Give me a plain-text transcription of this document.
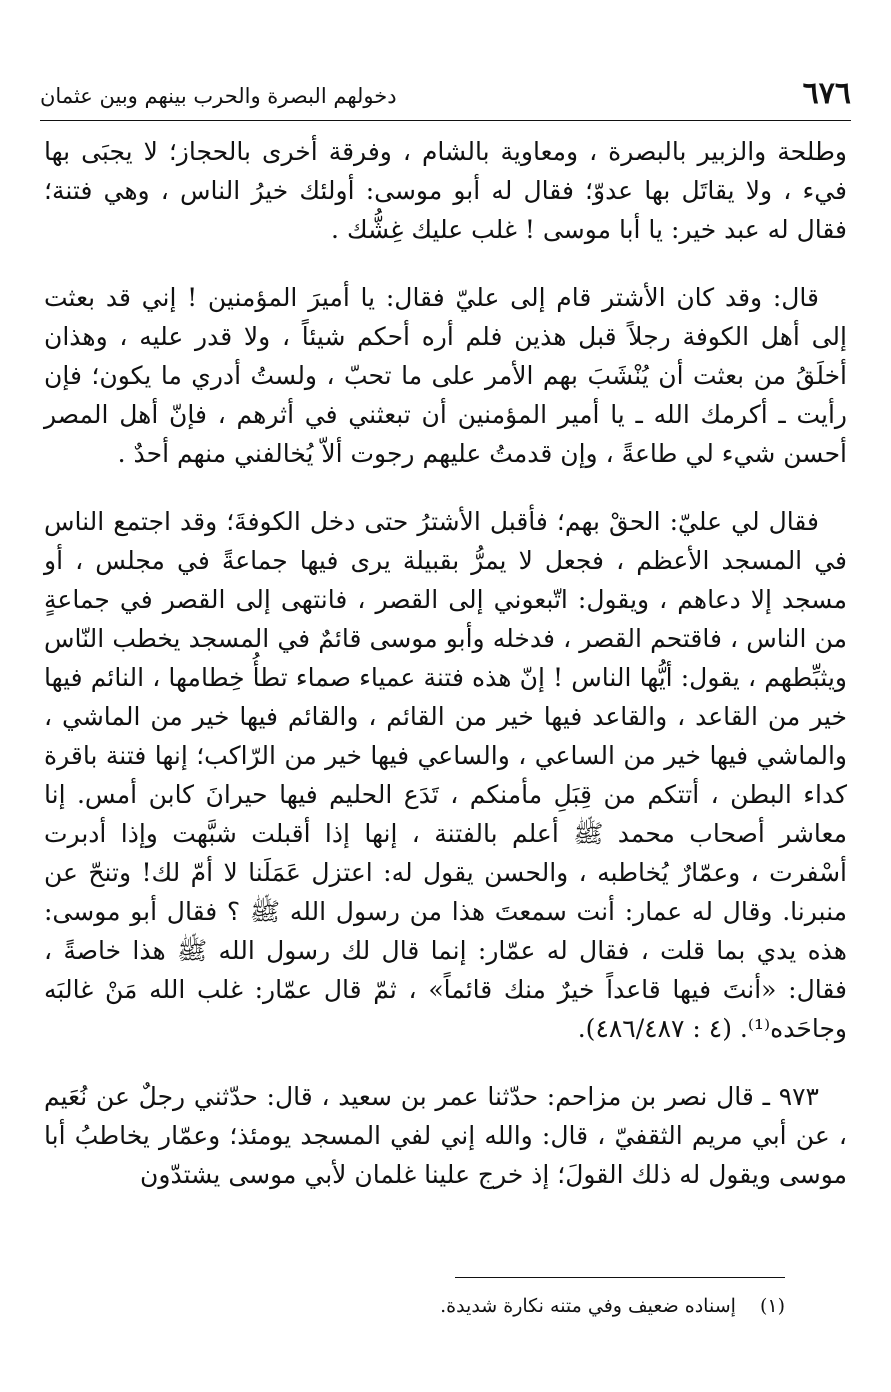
٦٧٦
دخولهم البصرة والحرب بينهم وبين عثمان

وطلحة والزبير بالبصرة ، ومعاوية بالشام ، وفرقة أخرى بالحجاز؛ لا يجبَى بها فيء ، ولا يقاتَل بها عدوّ؛ فقال له أبو موسى: أولئك خيرُ الناس ، وهي فتنة؛ فقال له عبد خير: يا أبا موسى ! غلب عليك غِشُّك .

قال: وقد كان الأشتر قام إلى عليّ فقال: يا أميرَ المؤمنين ! إني قد بعثت إلى أهل الكوفة رجلاً قبل هذين فلم أره أحكم شيئاً ، ولا قدر عليه ، وهذان أخلَقُ من بعثت أن يُنْشَبَ بهم الأمر على ما تحبّ ، ولستُ أدري ما يكون؛ فإن رأيت ـ أكرمك الله ـ يا أمير المؤمنين أن تبعثني في أثرهم ، فإنّ أهل المصر أحسن شيء لي طاعةً ، وإن قدمتُ عليهم رجوت ألاّ يُخالفني منهم أحدٌ .

فقال لي عليّ: الحقْ بهم؛ فأقبل الأشترُ حتى دخل الكوفةَ؛ وقد اجتمع الناس في المسجد الأعظم ، فجعل لا يمرُّ بقبيلة يرى فيها جماعةً في مجلس ، أو مسجد إلا دعاهم ، ويقول: اتّبعوني إلى القصر ، فانتهى إلى القصر في جماعةٍ من الناس ، فاقتحم القصر ، فدخله وأبو موسى قائمٌ في المسجد يخطب النّاس ويثبِّطهم ، يقول: أيُّها الناس ! إنّ هذه فتنة عمياء صماء تطأُ خِطامها ، النائم فيها خير من القاعد ، والقاعد فيها خير من القائم ، والقائم فيها خير من الماشي ، والماشي فيها خير من الساعي ، والساعي فيها خير من الرّاكب؛ إنها فتنة باقرة كداء البطن ، أتتكم من قِبَلِ مأمنكم ، تَدَع الحليم فيها حيرانَ كابن أمس. إنا معاشر أصحاب محمد ﷺ أعلم بالفتنة ، إنها إذا أقبلت شبَّهت وإذا أدبرت أسْفرت ، وعمّارٌ يُخاطبه ، والحسن يقول له: اعتزل عَمَلَنا لا أمّ لك! وتنحّ عن منبرنا. وقال له عمار: أنت سمعتَ هذا من رسول الله ﷺ ؟ فقال أبو موسى: هذه يدي بما قلت ، فقال له عمّار: إنما قال لك رسول الله ﷺ هذا خاصةً ، فقال: «أنتَ فيها قاعداً خيرٌ منك قائماً» ، ثمّ قال عمّار: غلب الله مَنْ غالبَه وجاحَده⁽¹⁾. (٤ : ٤٨٦/٤٨٧).

٩٧٣ ـ قال نصر بن مزاحم: حدّثنا عمر بن سعيد ، قال: حدّثني رجلٌ عن نُعَيم ، عن أبي مريم الثقفيّ ، قال: والله إني لفي المسجد يومئذ؛ وعمّار يخاطبُ أبا موسى ويقول له ذلك القولَ؛ إذ خرج علينا غلمان لأبي موسى يشتدّون

(١) إسناده ضعيف وفي متنه نكارة شديدة.
